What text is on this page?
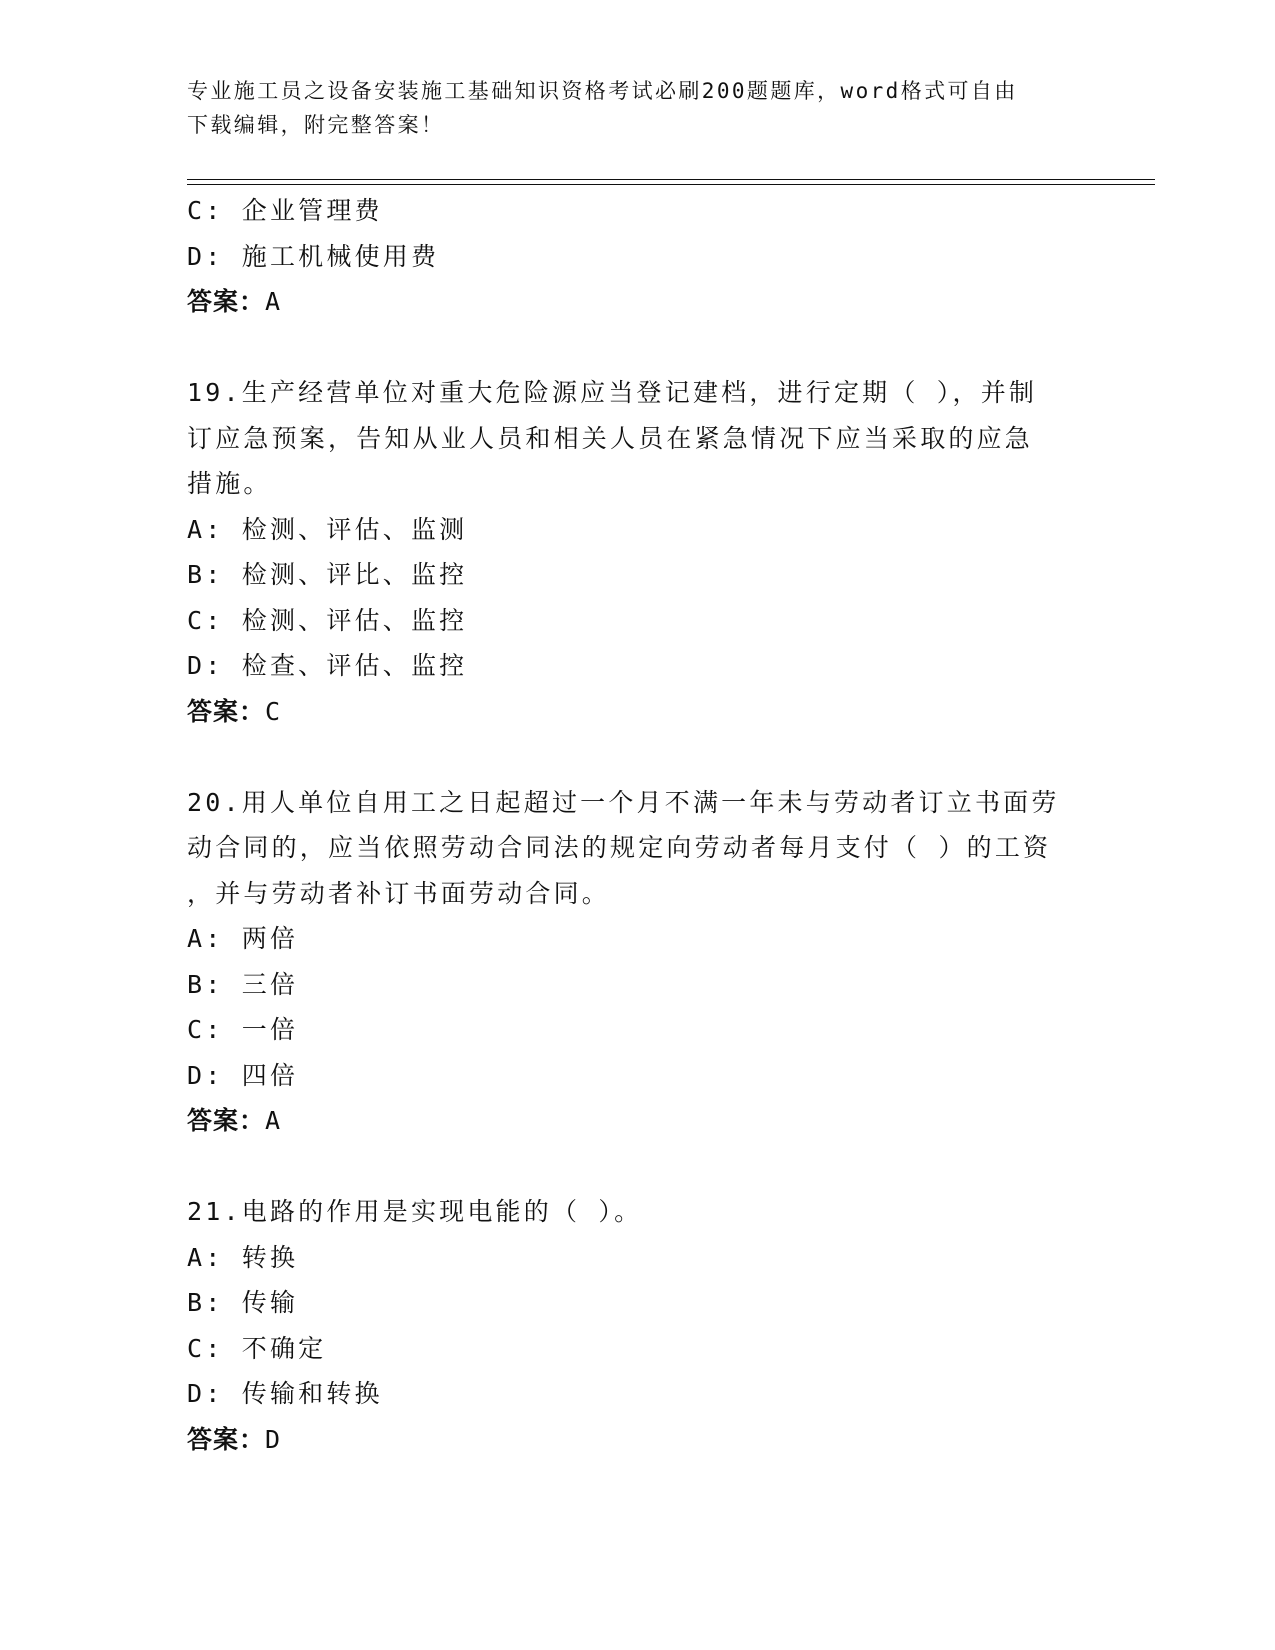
专业施工员之设备安装施工基础知识资格考试必刷200题题库，word格式可自由
下载编辑，附完整答案！
C: 企业管理费
D: 施工机械使用费
答案：A
19.生产经营单位对重大危险源应当登记建档，进行定期（ ），并制
订应急预案，告知从业人员和相关人员在紧急情况下应当采取的应急
措施。
A: 检测、评估、监测
B: 检测、评比、监控
C: 检测、评估、监控
D: 检查、评估、监控
答案：C
20.用人单位自用工之日起超过一个月不满一年未与劳动者订立书面劳
动合同的，应当依照劳动合同法的规定向劳动者每月支付（ ）的工资
，并与劳动者补订书面劳动合同。
A: 两倍
B: 三倍
C: 一倍
D: 四倍
答案：A
21.电路的作用是实现电能的（ ）。
A: 转换
B: 传输
C: 不确定
D: 传输和转换
答案：D
